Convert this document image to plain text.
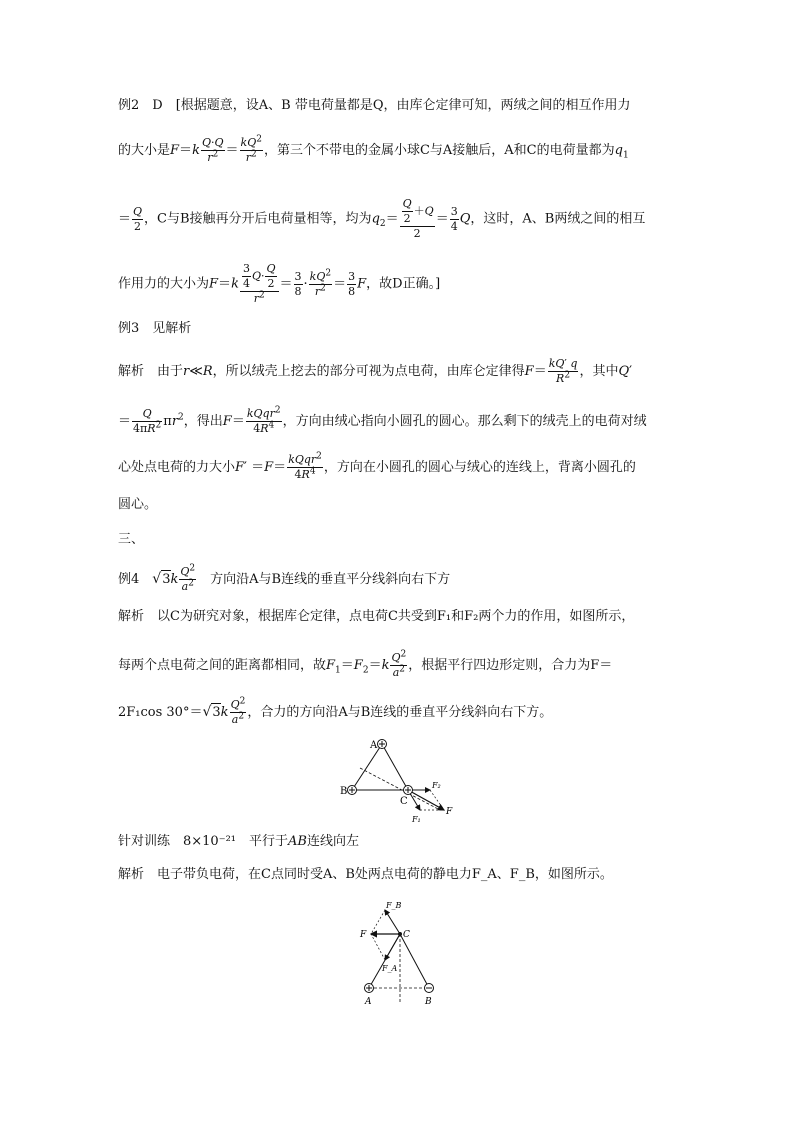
例2　D　[根据题意，设A、B 带电荷量都是Q，由库仑定律可知，两绒之间的相互作用力
的大小是$F=k \frac{Q\cdot Q}{r^2} = \frac{kQ^2}{r^2}$ ，第三个不带电的金属小球C与A接触后，A和C的电荷量都为$q_1$
＝ $\frac{Q}{2}$ ，C与B接触再分开后电荷量相等，均为$q_2= \frac{\frac{Q}{2} +Q}{2} = \frac{3}{4}$ Q，这时，A、B两绒之间的相互
作用力的大小为$F=k \frac{\frac{3}{4} Q\cdot \frac{Q}{2}}{r^2} = \frac{3}{8} \cdot \frac{kQ^2}{r^2} = \frac{3}{8}$ F，故D正确。]
例3　见解析
解析　由于r≪R，所以绒壳上挖去的部分可视为点电荷，由库仑定律得$F= \frac{kQ' q}{R^2}$ ，其中Q′
＝ $\frac{Q}{4\pi R^2} \pi r^2$，得出$F= \frac{kQqr^2}{4R^4}$ ，方向由绒心指向小圆孔的圆心。那么剩下的绒壳上的电荷对绒
心处点电荷的力大小$F' =F= \frac{kQqr^2}{4R^4}$ ，方向在小圆孔的圆心与绒心的连线上，背离小圆孔的
圆心。
三、
例4　 $√3k \frac{Q^2}{a^2}$
　 方向沿A与B连线的垂直平分线斜向右下方
解析　以C为研究对象，根据库仑定律，点电荷C共受到F₁和F₂两个力的作用，如图所示，
每两个点电荷之间的距离都相同，故$F_1=F_2=k \frac{Q^2}{a^2}$ ，根据平行四边形定则，合力为F＝
2F₁cos $30^\circ=√3k \frac{Q^2}{a^2}$ ，合力的方向沿A与B连线的垂直平分线斜向右下方。
A
B
C
F₂
F₁
F
针对训练　8×10⁻²¹　平行于AB连线向左
解析　电子带负电荷，在C点同时受A、B处两点电荷的静电力F_A、F_B，如图所示。
F_B
F	C
F_A
A	B
